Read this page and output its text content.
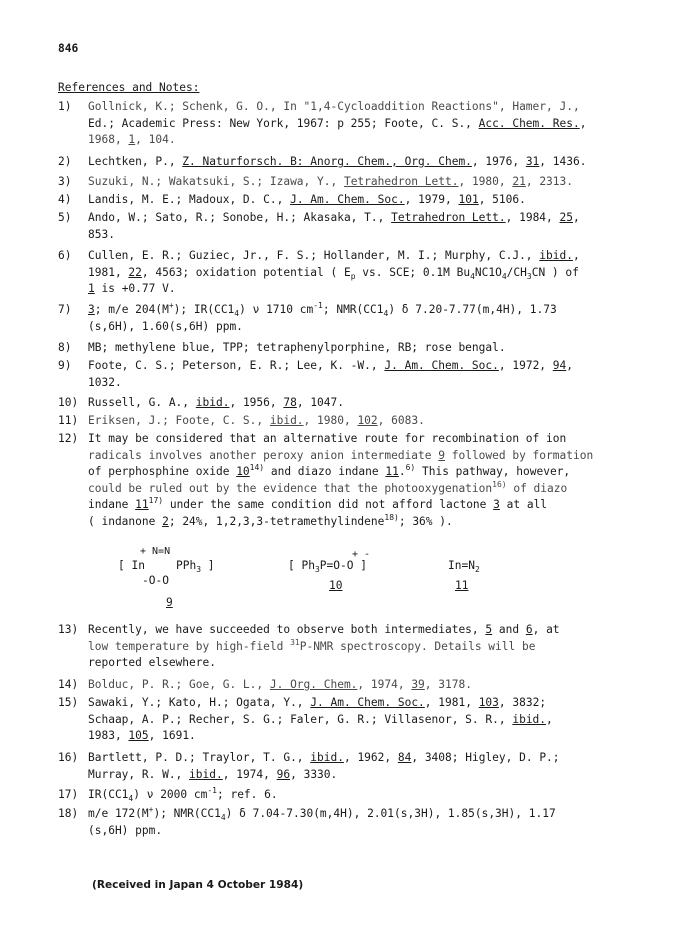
846
References and Notes:
1)	Gollnick, K.; Schenk, G. O., In "1,4-Cycloaddition Reactions", Hamer, J.,
Ed.; Academic Press: New York, 1967: p 255; Foote, C. S., Acc. Chem. Res.,
1968, 1, 104.
2)	Lechtken, P., Z. Naturforsch. B: Anorg. Chem., Org. Chem., 1976, 31, 1436.
3)	Suzuki, N.; Wakatsuki, S.; Izawa, Y., Tetrahedron Lett., 1980, 21, 2313.
4)	Landis, M. E.; Madoux, D. C., J. Am. Chem. Soc., 1979, 101, 5106.
5)	Ando, W.; Sato, R.; Sonobe, H.; Akasaka, T., Tetrahedron Lett., 1984, 25,
853.
6)	Cullen, E. R.; Guziec, Jr., F. S.; Hollander, M. I.; Murphy, C.J., ibid.,
1981, 22, 4563; oxidation potential ( $E_p$ vs. SCE; 0.1M $Bu_4NC1O_4/CH_3CN$ ) of
1 is +0.77 V.
7)	3; m/e 204(M+); $IR(CC1_4)$ ν 1710 $cm^{-1}$; $NMR(CC1_4)$ δ 7.20-7.77(m,4H), 1.73
(s,6H), 1.60(s,6H) ppm.
8)	MB; methylene blue, TPP; tetraphenylporphine, RB; rose bengal.
9)	Foote, C. S.; Peterson, E. R.; Lee, K. -W., J. Am. Chem. Soc., 1972, 94,
1032.
10) Russell, G. A., ibid., 1956, 78, 1047.
11) Eriksen, J.; Foote, C. S., ibid., 1980, 102, 6083.
12) It may be considered that an alternative route for recombination of ion
radicals involves another peroxy anion intermediate 9 followed by formation
of perphosphine oxide 10$^{14)}$ and diazo indane 11.$^{6)}$ This pathway, however,
could be ruled out by the evidence that the photooxygenation$^{16)}$ of diazo
indane 11$^{17)}$ under the same condition did not afford lactone 3 at all
( indanone 2; 24%, 1,2,3,3-tetramethylindene$^{18)}$; 36% ).
+ N=N
[ In	PPh$_3$ ]
-O-O
9
+ -
[ $Ph_3P=O-O$ ]
10
$In=N_2$
11
13) Recently, we have succeeded to observe both intermediates, 5 and 6, at
low temperature by high-field $^{31}$P-NMR spectroscopy. Details will be
reported elsewhere.
14) Bolduc, P. R.; Goe, G. L., J. Org. Chem., 1974, 39, 3178.
15) Sawaki, Y.; Kato, H.; Ogata, Y., J. Am. Chem. Soc., 1981, 103, 3832;
Schaap, A. P.; Recher, S. G.; Faler, G. R.; Villasenor, S. R., ibid.,
1983, 105, 1691.
16) Bartlett, P. D.; Traylor, T. G., ibid., 1962, 84, 3408; Higley, D. P.;
Murray, R. W., ibid., 1974, 96, 3330.
17) $IR(CC1_4)$ ν 2000 $cm^{-1}$; ref. 6.
18) m/e 172(M+); $NMR(CC1_4)$ δ 7.04-7.30(m,4H), 2.01(s,3H), 1.85(s,3H), 1.17
(s,6H) ppm.
(Received in Japan 4 October 1984)
